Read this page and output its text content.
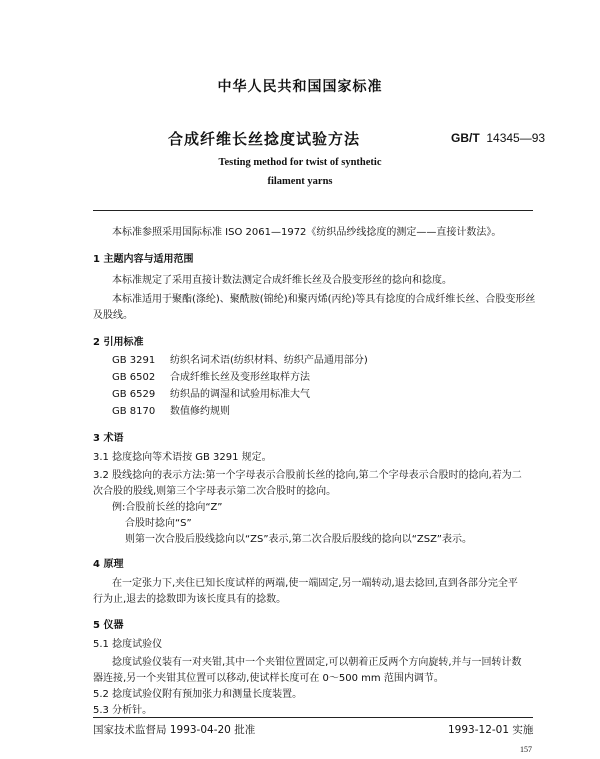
中华人民共和国国家标准
合成纤维长丝捻度试验方法	GB/T 14345—93
Testing method for twist of synthetic
filament yarns
本标准参照采用国际标准 ISO 2061—1972《纺织品纱线捻度的测定——直接计数法》。
1 主题内容与适用范围
本标准规定了采用直接计数法测定合成纤维长丝及合股变形丝的捻向和捻度。
本标准适用于聚酯(涤纶)、聚酰胺(锦纶)和聚丙烯(丙纶)等具有捻度的合成纤维长丝、合股变形丝
及股线。
2 引用标准
GB 3291 纺织名词术语(纺织材料、纺织产品通用部分)
GB 6502 合成纤维长丝及变形丝取样方法
GB 6529 纺织品的调湿和试验用标准大气
GB 8170 数值修约规则
3 术语
3.1 捻度捻向等术语按 GB 3291 规定。
3.2 股线捻向的表示方法:第一个字母表示合股前长丝的捻向,第二个字母表示合股时的捻向,若为二
次合股的股线,则第三个字母表示第二次合股时的捻向。
例:合股前长丝的捻向“Z”
合股时捻向“S”
则第一次合股后股线捻向以“ZS”表示,第二次合股后股线的捻向以“ZSZ”表示。
4 原理
在一定张力下,夹住已知长度试样的两端,使一端固定,另一端转动,退去捻回,直到各部分完全平
行为止,退去的捻数即为该长度具有的捻数。
5 仪器
5.1 捻度试验仪
捻度试验仪装有一对夹钳,其中一个夹钳位置固定,可以朝着正反两个方向旋转,并与一回转计数
器连接,另一个夹钳其位置可以移动,使试样长度可在 0～500 mm 范围内调节。
5.2 捻度试验仪附有预加张力和测量长度装置。
5.3 分析针。
国家技术监督局 1993-04-20 批准	1993-12-01 实施
157
